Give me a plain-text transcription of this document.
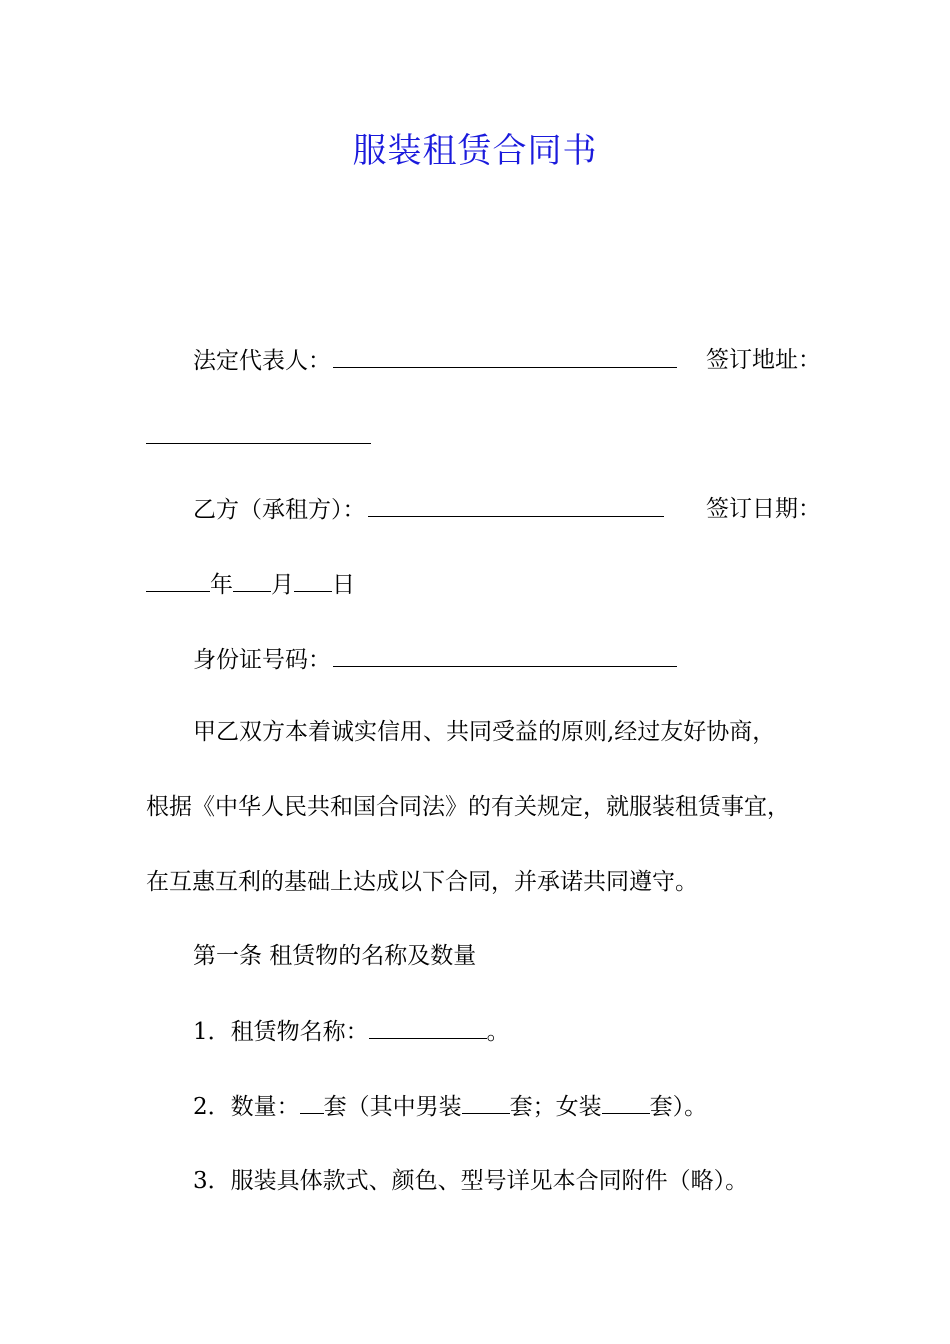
服装租赁合同书
法定代表人：	签订地址：
乙方（承租方）：	签订日期：
年 月 日
身份证号码：
甲乙双方本着诚实信用、共同受益的原则,经过友好协商，
根据《中华人民共和国合同法》的有关规定，就服装租赁事宜，
在互惠互利的基础上达成以下合同，并承诺共同遵守。
第一条 租赁物的名称及数量
1．租赁物名称：	。
2．数量： 套（其中男装 套；女装 套）。
3．服装具体款式、颜色、型号详见本合同附件（略）。
